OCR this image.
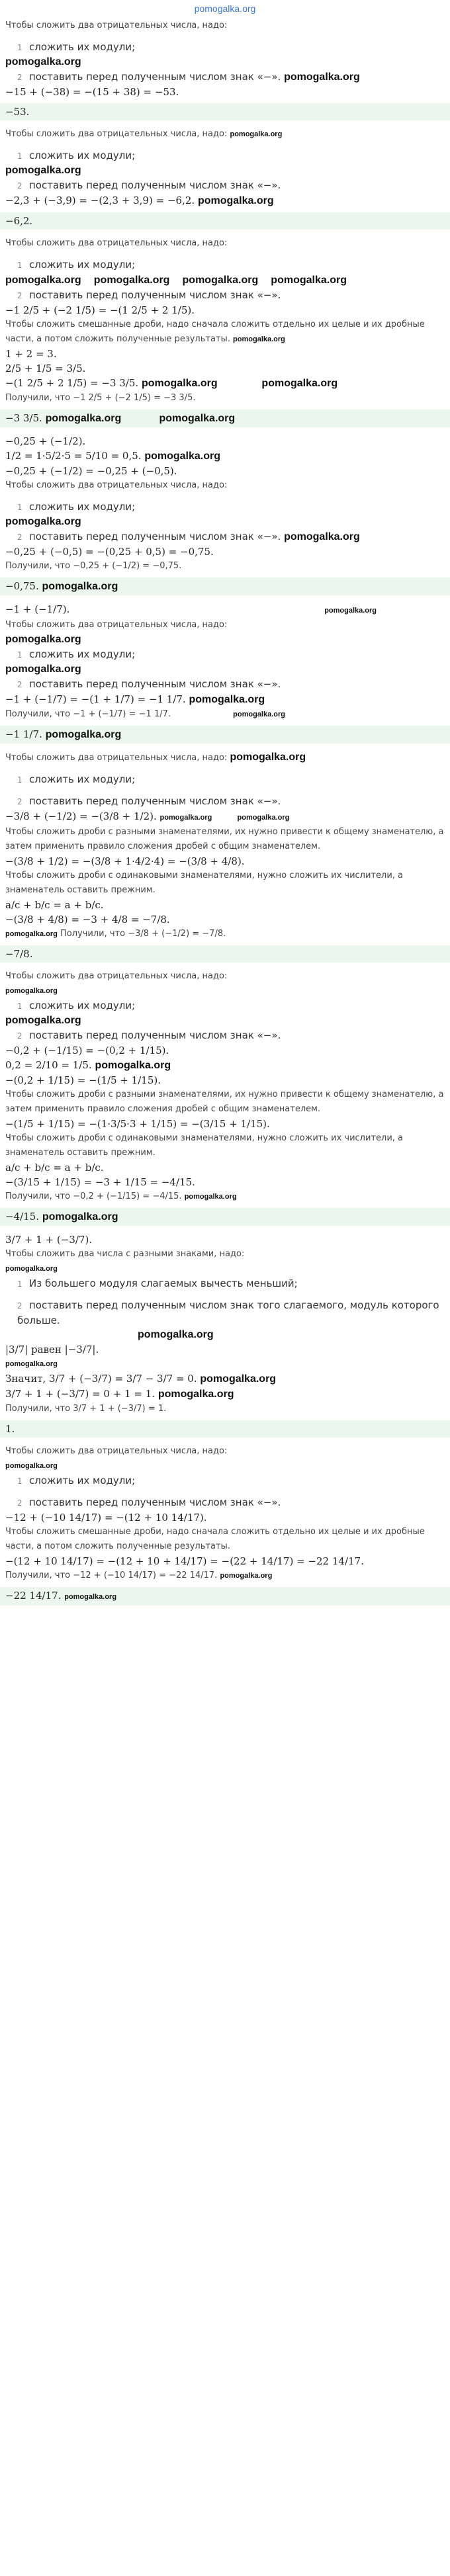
pomogalka.org

Чтобы сложить два отрицательных числа, надо:

1 сложить их модули;

pomogalka.org

2 поставить перед полученным числом знак «−». pomogalka.org

−15 + (−38) = −(15 + 38) = −53.

−53.

Чтобы сложить два отрицательных числа, надо: pomogalka.org

1 сложить их модули;

pomogalka.org

2 поставить перед полученным числом знак «−».

−2,3 + (−3,9) = −(2,3 + 3,9) = −6,2. pomogalka.org

−6,2.

Чтобы сложить два отрицательных числа, надо:

1 сложить их модули;

pomogalka.org pomogalka.org pomogalka.org pomogalka.org

2 поставить перед полученным числом знак «−».

−1 2/5 + (−2 1/5) = −(1 2/5 + 2 1/5).

Чтобы сложить смешанные дроби, надо сначала сложить отдельно их целые и их дробные части, а потом сложить полученные результаты. pomogalka.org

1 + 2 = 3.

2/5 + 1/5 = 3/5.

−(1 2/5 + 2 1/5) = −3 3/5. pomogalka.org	pomogalka.org

Получили, что −1 2/5 + (−2 1/5) = −3 3/5.

−3 3/5. pomogalka.org	pomogalka.org

−0,25 + (−1/2).

1/2 = 1·5/2·5 = 5/10 = 0,5. pomogalka.org

−0,25 + (−1/2) = −0,25 + (−0,5).

Чтобы сложить два отрицательных числа, надо:

1 сложить их модули;

pomogalka.org

2 поставить перед полученным числом знак «−». pomogalka.org

−0,25 + (−0,5) = −(0,25 + 0,5) = −0,75.

Получили, что −0,25 + (−1/2) = −0,75.

−0,75. pomogalka.org

−1 + (−1/7).	pomogalka.org

Чтобы сложить два отрицательных числа, надо:

pomogalka.org

1 сложить их модули;

pomogalka.org

2 поставить перед полученным числом знак «−».

−1 + (−1/7) = −(1 + 1/7) = −1 1/7. pomogalka.org

Получили, что −1 + (−1/7) = −1 1/7.	pomogalka.org

−1 1/7. pomogalka.org

Чтобы сложить два отрицательных числа, надо: pomogalka.org

1 сложить их модули;

2 поставить перед полученным числом знак «−».

−3/8 + (−1/2) = −(3/8 + 1/2). pomogalka.org	pomogalka.org

Чтобы сложить дроби с разными знаменателями, их нужно привести к общему знаменателю, а затем применить правило сложения дробей с общим знаменателем.

−(3/8 + 1/2) = −(3/8 + 1·4/2·4) = −(3/8 + 4/8).

Чтобы сложить дроби с одинаковыми знаменателями, нужно сложить их числители, а знаменатель оставить прежним.

a/c + b/c = a + b/c.

−(3/8 + 4/8) = −3 + 4/8 = −7/8.

pomogalka.org Получили, что −3/8 + (−1/2) = −7/8.

−7/8.

Чтобы сложить два отрицательных числа, надо:

pomogalka.org

1 сложить их модули;

pomogalka.org

2 поставить перед полученным числом знак «−».

−0,2 + (−1/15) = −(0,2 + 1/15).

0,2 = 2/10 = 1/5. pomogalka.org

−(0,2 + 1/15) = −(1/5 + 1/15).

Чтобы сложить дроби с разными знаменателями, их нужно привести к общему знаменателю, а затем применить правило сложения дробей с общим знаменателем.

−(1/5 + 1/15) = −(1·3/5·3 + 1/15) = −(3/15 + 1/15).

Чтобы сложить дроби с одинаковыми знаменателями, нужно сложить их числители, а знаменатель оставить прежним.

a/c + b/c = a + b/c.

−(3/15 + 1/15) = −3 + 1/15 = −4/15.

Получили, что −0,2 + (−1/15) = −4/15. pomogalka.org

−4/15. pomogalka.org

3/7 + 1 + (−3/7).

Чтобы сложить два числа с разными знаками, надо:

pomogalka.org

1 Из большего модуля слагаемых вычесть меньший;

2 поставить перед полученным числом знак того слагаемого, модуль которого больше.

pomogalka.org

|3/7| равен |−3/7|.

pomogalka.org

Значит, 3/7 + (−3/7) = 3/7 − 3/7 = 0. pomogalka.org

3/7 + 1 + (−3/7) = 0 + 1 = 1. pomogalka.org

Получили, что 3/7 + 1 + (−3/7) = 1.

1.

Чтобы сложить два отрицательных числа, надо:

pomogalka.org

1 сложить их модули;

2 поставить перед полученным числом знак «−».

−12 + (−10 14/17) = −(12 + 10 14/17).

Чтобы сложить смешанные дроби, надо сначала сложить отдельно их целые и их дробные части, а потом сложить полученные результаты.

−(12 + 10 14/17) = −(12 + 10 + 14/17) = −(22 + 14/17) = −22 14/17.

Получили, что −12 + (−10 14/17) = −22 14/17. pomogalka.org

−22 14/17. pomogalka.org
